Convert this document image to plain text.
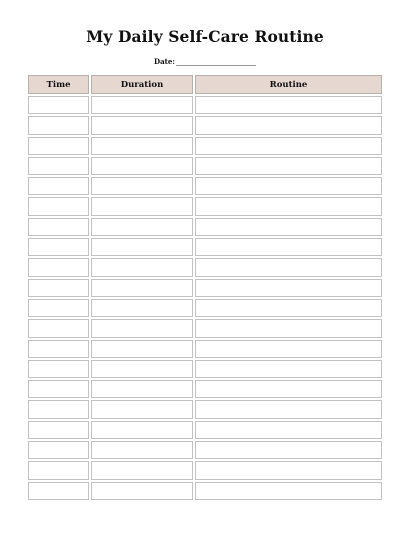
My Daily Self-Care Routine
Date:
Time	Duration	Routine
